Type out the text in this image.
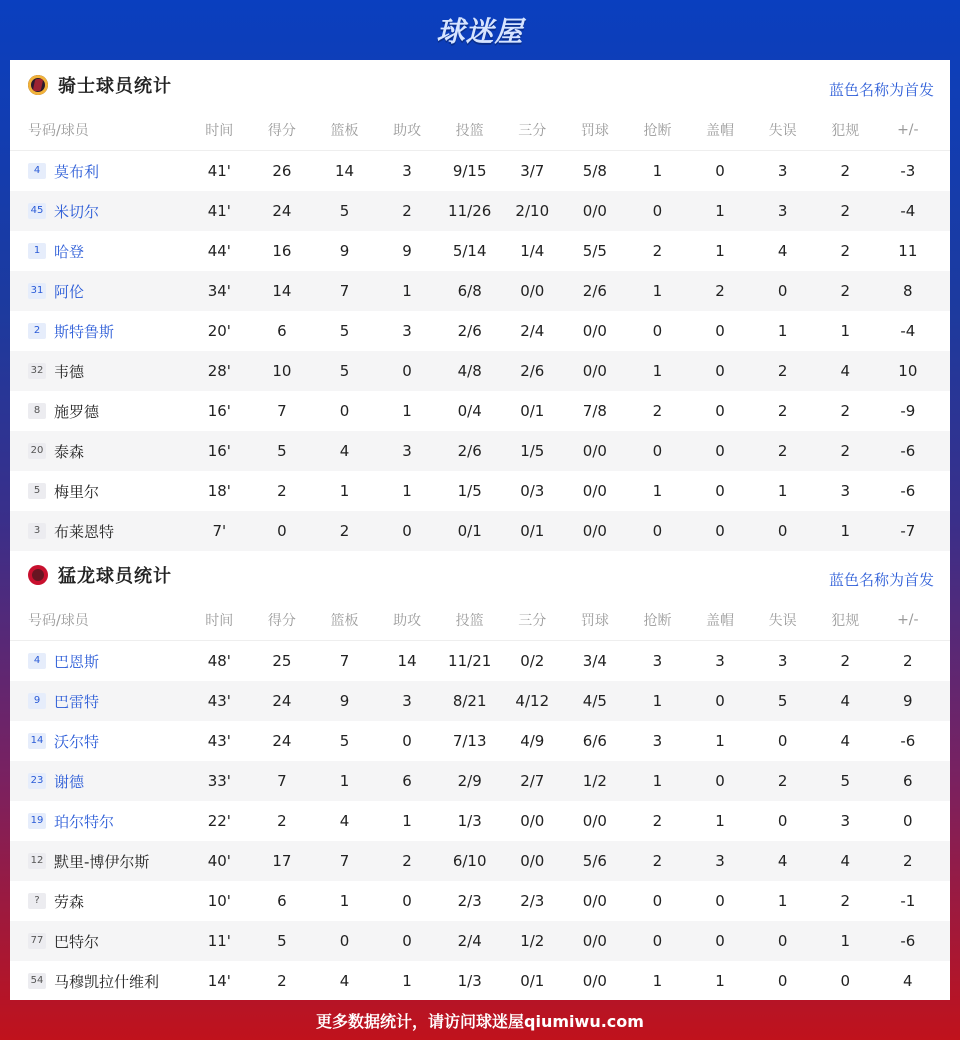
球迷屋
骑士球员统计	蓝色名称为首发
号码/球员	时间	得分	篮板	助攻	投篮	三分	罚球	抢断	盖帽	失误	犯规	+/-
4 莫布利	41'	26	14	3	9/15	3/7	5/8	1	0	3	2	-3
45 米切尔	41'	24	5	2	11/26	2/10	0/0	0	1	3	2	-4
1 哈登	44'	16	9	9	5/14	1/4	5/5	2	1	4	2	11
31 阿伦	34'	14	7	1	6/8	0/0	2/6	1	2	0	2	8
2 斯特鲁斯	20'	6	5	3	2/6	2/4	0/0	0	0	1	1	-4
32 韦德	28'	10	5	0	4/8	2/6	0/0	1	0	2	4	10
8 施罗德	16'	7	0	1	0/4	0/1	7/8	2	0	2	2	-9
20 泰森	16'	5	4	3	2/6	1/5	0/0	0	0	2	2	-6
5 梅里尔	18'	2	1	1	1/5	0/3	0/0	1	0	1	3	-6
3 布莱恩特	7'	0	2	0	0/1	0/1	0/0	0	0	0	1	-7
猛龙球员统计	蓝色名称为首发
号码/球员	时间	得分	篮板	助攻	投篮	三分	罚球	抢断	盖帽	失误	犯规	+/-
4 巴恩斯	48'	25	7	14	11/21	0/2	3/4	3	3	3	2	2
9 巴雷特	43'	24	9	3	8/21	4/12	4/5	1	0	5	4	9
14 沃尔特	43'	24	5	0	7/13	4/9	6/6	3	1	0	4	-6
23 谢德	33'	7	1	6	2/9	2/7	1/2	1	0	2	5	6
19 珀尔特尔	22'	2	4	1	1/3	0/0	0/0	2	1	0	3	0
12 默里-博伊尔斯	40'	17	7	2	6/10	0/0	5/6	2	3	4	4	2
? 劳森	10'	6	1	0	2/3	2/3	0/0	0	0	1	2	-1
77 巴特尔	11'	5	0	0	2/4	1/2	0/0	0	0	0	1	-6
54 马穆凯拉什维利	14'	2	4	1	1/3	0/1	0/0	1	1	0	0	4
更多数据统计，请访问球迷屋qiumiwu.com
